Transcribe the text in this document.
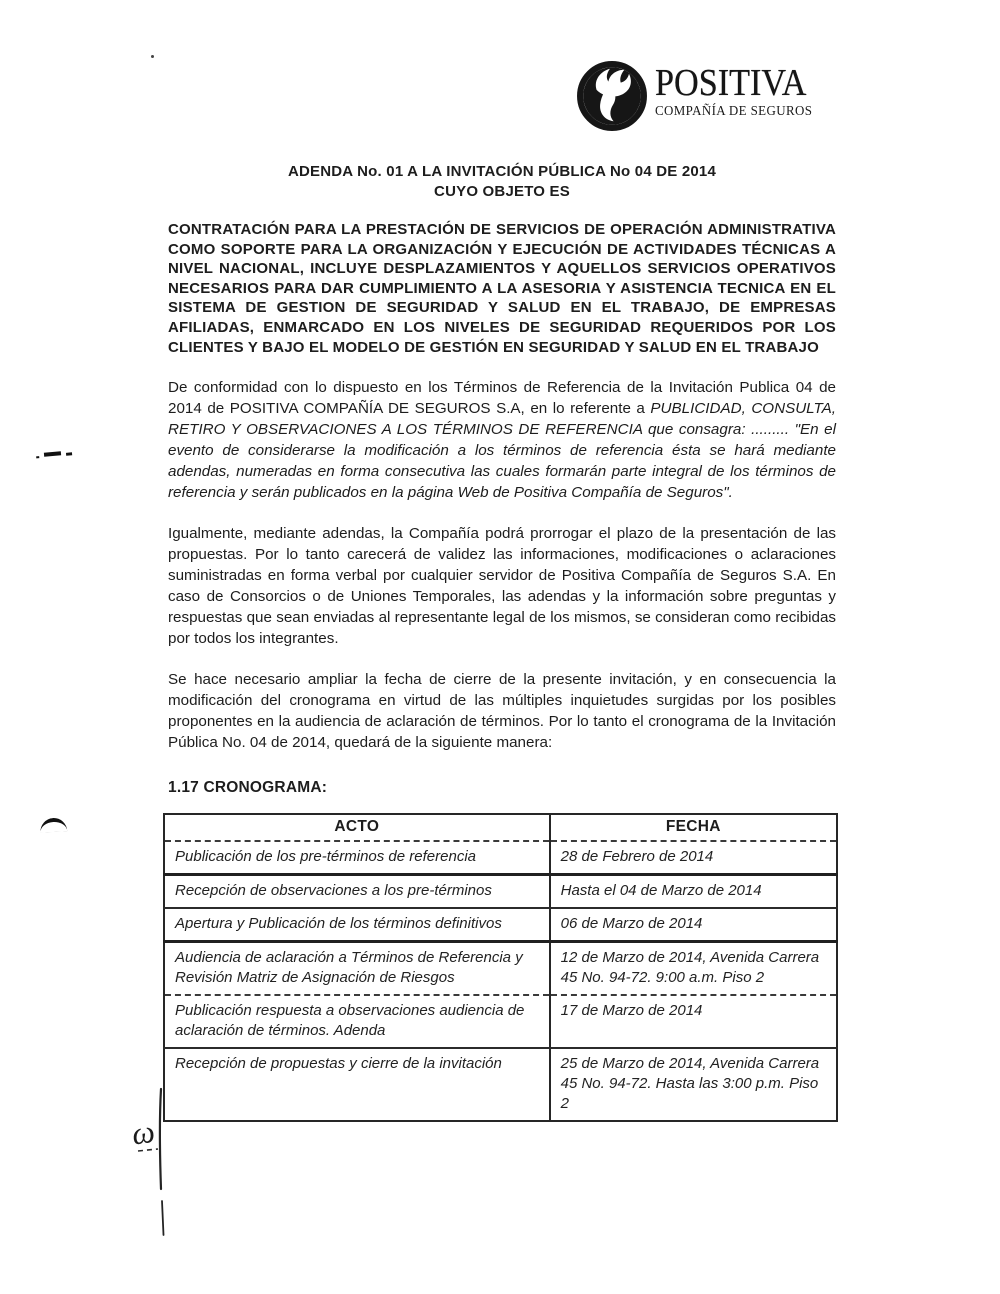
POSITIVA
COMPAÑÍA DE SEGUROS
ADENDA No. 01 A LA INVITACIÓN PÚBLICA No 04 DE 2014
CUYO OBJETO ES

CONTRATACIÓN PARA LA PRESTACIÓN DE SERVICIOS DE OPERACIÓN ADMINISTRATIVA COMO SOPORTE PARA LA ORGANIZACIÓN Y EJECUCIÓN DE ACTIVIDADES TÉCNICAS A NIVEL NACIONAL, INCLUYE DESPLAZAMIENTOS Y AQUELLOS SERVICIOS OPERATIVOS NECESARIOS PARA DAR CUMPLIMIENTO A LA ASESORIA Y ASISTENCIA TECNICA EN EL SISTEMA DE GESTION DE SEGURIDAD Y SALUD EN EL TRABAJO, DE EMPRESAS AFILIADAS, ENMARCADO EN LOS NIVELES DE SEGURIDAD REQUERIDOS POR LOS CLIENTES Y BAJO EL MODELO DE GESTIÓN EN SEGURIDAD Y SALUD EN EL TRABAJO

De conformidad con lo dispuesto en los Términos de Referencia de la Invitación Publica 04 de 2014 de POSITIVA COMPAÑÍA DE SEGUROS S.A, en lo referente a PUBLICIDAD, CONSULTA, RETIRO Y OBSERVACIONES A LOS TÉRMINOS DE REFERENCIA que consagra: ......... "En el evento de considerarse la modificación a los términos de referencia ésta se hará mediante adendas, numeradas en forma consecutiva las cuales formarán parte integral de los términos de referencia y serán publicados en la página Web de Positiva Compañía de Seguros".

Igualmente, mediante adendas, la Compañía podrá prorrogar el plazo de la presentación de las propuestas. Por lo tanto carecerá de validez las informaciones, modificaciones o aclaraciones suministradas en forma verbal por cualquier servidor de Positiva Compañía de Seguros S.A. En caso de Consorcios o de Uniones Temporales, las adendas y la información sobre preguntas y respuestas que sean enviadas al representante legal de los mismos, se consideran como recibidas por todos los integrantes.

Se hace necesario ampliar la fecha de cierre de la presente invitación, y en consecuencia la modificación del cronograma en virtud de las múltiples inquietudes surgidas por los posibles proponentes en la audiencia de aclaración de términos. Por lo tanto el cronograma de la Invitación Pública No. 04 de 2014, quedará de la siguiente manera:

1.17 CRONOGRAMA:
ACTO	FECHA
Publicación de los pre-términos de referencia	28 de Febrero de 2014
Recepción de observaciones a los pre-términos	Hasta el 04 de Marzo de 2014
Apertura y Publicación de los términos definitivos	06 de Marzo de 2014
Audiencia de aclaración a Términos de Referencia y Revisión Matriz de Asignación de Riesgos	12 de Marzo de 2014, Avenida Carrera 45 No. 94-72. 9:00 a.m. Piso 2
Publicación respuesta a observaciones audiencia de aclaración de términos. Adenda	17 de Marzo de 2014
Recepción de propuestas y cierre de la invitación	25 de Marzo de 2014, Avenida Carrera 45 No. 94-72. Hasta las 3:00 p.m. Piso 2
ω
